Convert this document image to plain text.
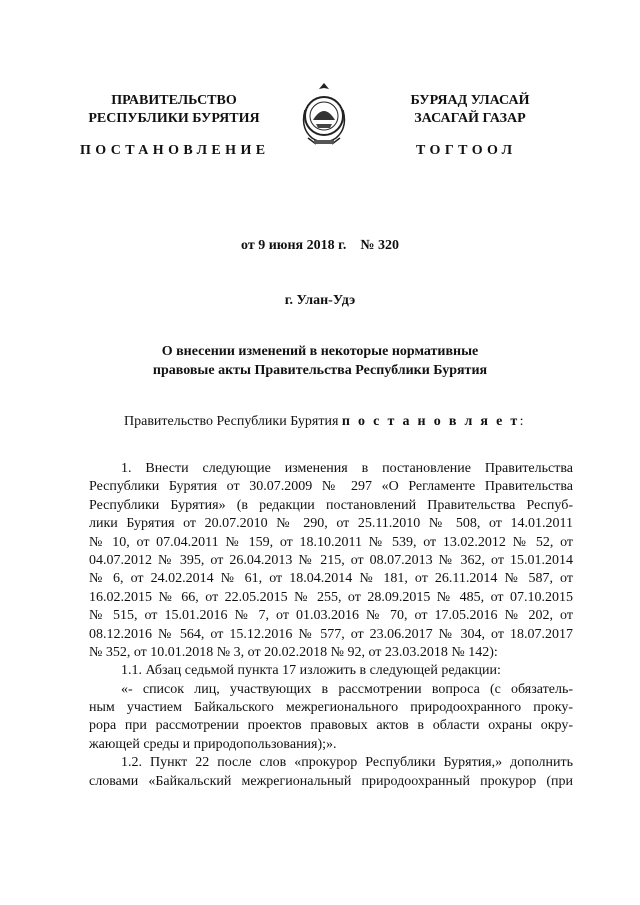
ПРАВИТЕЛЬСТВО
РЕСПУБЛИКИ БУРЯТИЯ
БУРЯАД УЛАСАЙ
ЗАСАГАЙ ГАЗАР
ПОСТАНОВЛЕНИЕ	ТОГТООЛ
от 9 июня 2018 г. № 320
г. Улан-Удэ
О внесении изменений в некоторые нормативные
правовые акты Правительства Республики Бурятия
Правительство Республики Бурятия п о с т а н о в л я е т:
1. Внести следующие изменения в постановление Правительства
Республики Бурятия от 30.07.2009 № 297 «О Регламенте Правительства
Республики Бурятия» (в редакции постановлений Правительства Респуб-
лики Бурятия от 20.07.2010 № 290, от 25.11.2010 № 508, от 14.01.2011
№ 10, от 07.04.2011 № 159, от 18.10.2011 № 539, от 13.02.2012 № 52, от
04.07.2012 № 395, от 26.04.2013 № 215, от 08.07.2013 № 362, от 15.01.2014
№ 6, от 24.02.2014 № 61, от 18.04.2014 № 181, от 26.11.2014 № 587, от
16.02.2015 № 66, от 22.05.2015 № 255, от 28.09.2015 № 485, от 07.10.2015
№ 515, от 15.01.2016 № 7, от 01.03.2016 № 70, от 17.05.2016 № 202, от
08.12.2016 № 564, от 15.12.2016 № 577, от 23.06.2017 № 304, от 18.07.2017
№ 352, от 10.01.2018 № 3, от 20.02.2018 № 92, от 23.03.2018 № 142):
1.1. Абзац седьмой пункта 17 изложить в следующей редакции:
«- список лиц, участвующих в рассмотрении вопроса (с обязатель-
ным участием Байкальского межрегионального природоохранного проку-
рора при рассмотрении проектов правовых актов в области охраны окру-
жающей среды и природопользования);».
1.2. Пункт 22 после слов «прокурор Республики Бурятия,» дополнить
словами «Байкальский межрегиональный природоохранный прокурор (при
